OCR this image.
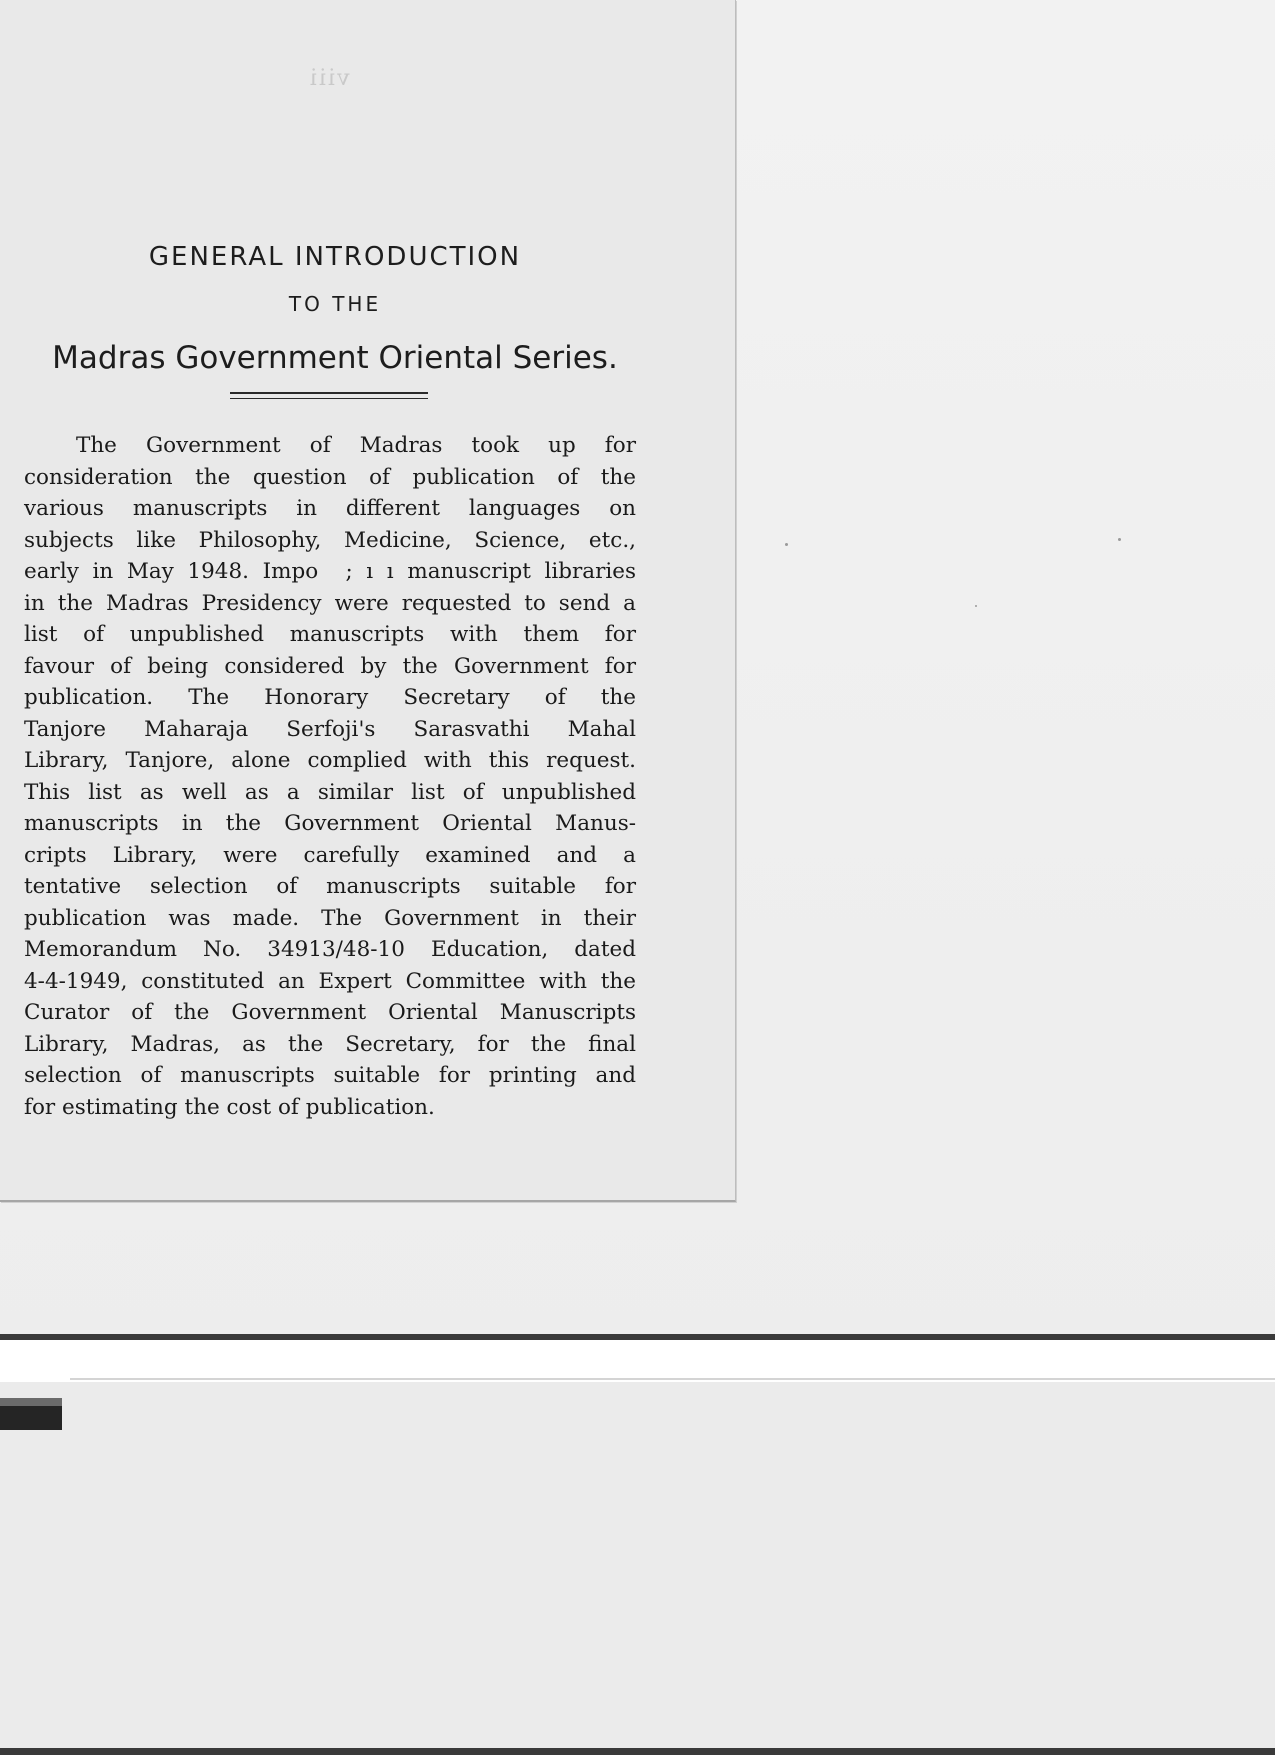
viii
GENERAL INTRODUCTION
TO THE
Madras Government Oriental Series.
The Government of Madras took up for
consideration the question of publication of the
various manuscripts in different languages on
subjects like Philosophy, Medicine, Science, etc.,
early in May 1948. Impo  ; ı ı manuscript libraries
in the Madras Presidency were requested to send a
list of unpublished manuscripts with them for
favour of being considered by the Government for
publication. The Honorary Secretary of the
Tanjore Maharaja Serfoji's Sarasvathi Mahal
Library, Tanjore, alone complied with this request.
This list as well as a similar list of unpublished
manuscripts in the Government Oriental Manus-
cripts Library, were carefully examined and a
tentative selection of manuscripts suitable for
publication was made. The Government in their
Memorandum No. 34913/48-10 Education, dated
4-4-1949, constituted an Expert Committee with the
Curator of the Government Oriental Manuscripts
Library, Madras, as the Secretary, for the final
selection of manuscripts suitable for printing and
for estimating the cost of publication.
